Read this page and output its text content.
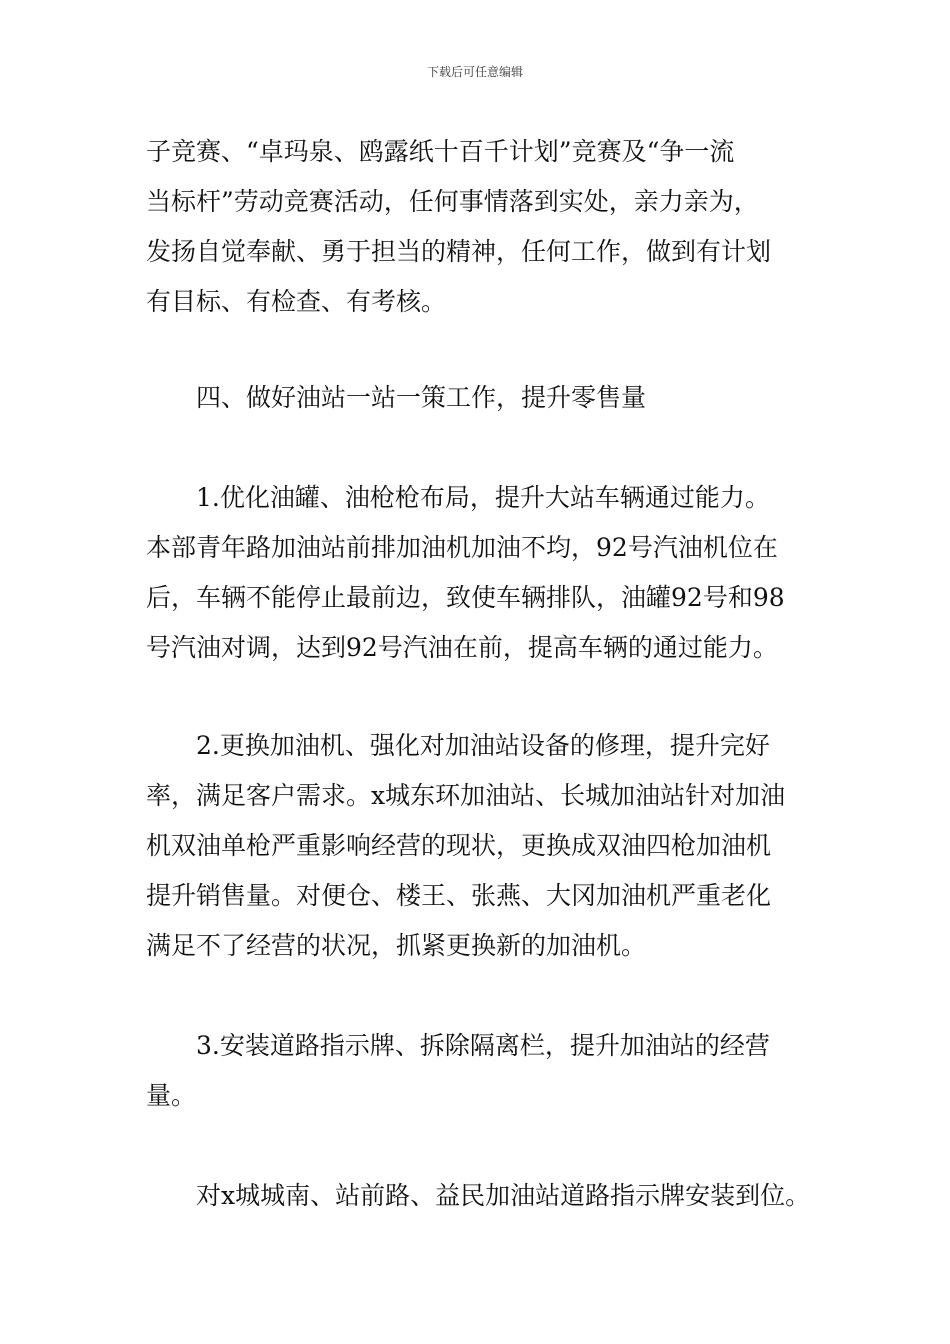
下载后可任意编辑
子竞赛、“卓玛泉、鸥露纸十百千计划”竞赛及“争一流
当标杆”劳动竞赛活动，任何事情落到实处，亲力亲为，
发扬自觉奉献、勇于担当的精神，任何工作，做到有计划
有目标、有检查、有考核。
四、做好油站一站一策工作，提升零售量
1.优化油罐、油枪枪布局，提升大站车辆通过能力。
本部青年路加油站前排加油机加油不均，92号汽油机位在
后，车辆不能停止最前边，致使车辆排队，油罐92号和98
号汽油对调，达到92号汽油在前，提高车辆的通过能力。
2.更换加油机、强化对加油站设备的修理，提升完好
率，满足客户需求。x城东环加油站、长城加油站针对加油
机双油单枪严重影响经营的现状，更换成双油四枪加油机
提升销售量。对便仓、楼王、张燕、大冈加油机严重老化
满足不了经营的状况，抓紧更换新的加油机。
3.安装道路指示牌、拆除隔离栏，提升加油站的经营
量。
对x城城南、站前路、益民加油站道路指示牌安装到位。
